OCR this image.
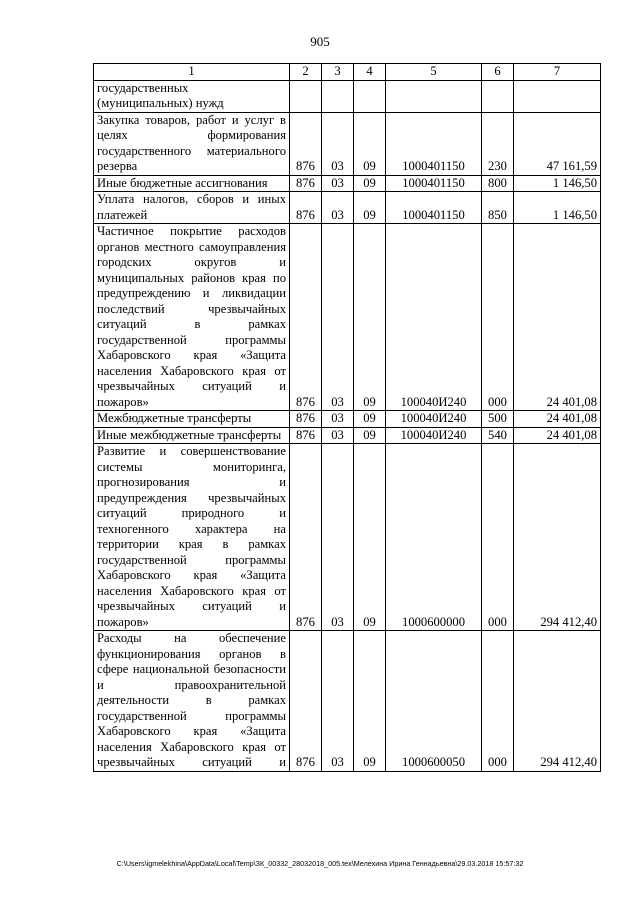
905
1	2	3	4	5	6	7
государственных (муниципальных) нужд						
Закупка товаров, работ и услуг в целях формирования государственного материального резерва	876	03	09	1000401150	230	47 161,59
Иные бюджетные ассигнования	876	03	09	1000401150	800	1 146,50
Уплата налогов, сборов и иных платежей	876	03	09	1000401150	850	1 146,50
Частичное покрытие расходов органов местного самоуправления городских округов и муниципальных районов края по предупреждению и ликвидации последствий чрезвычайных ситуаций в рамках государственной программы Хабаровского края «Защита населения Хабаровского края от чрезвычайных ситуаций и пожаров»	876	03	09	100040И240	000	24 401,08
Межбюджетные трансферты	876	03	09	100040И240	500	24 401,08
Иные межбюджетные трансферты	876	03	09	100040И240	540	24 401,08
Развитие и совершенствование системы мониторинга, прогнозирования и предупреждения чрезвычайных ситуаций природного и техногенного характера на территории края в рамках государственной программы Хабаровского края «Защита населения Хабаровского края от чрезвычайных ситуаций и пожаров»	876	03	09	1000600000	000	294 412,40
Расходы на обеспечение функционирования органов в сфере национальной безопасности и правоохранительной деятельности в рамках государственной программы Хабаровского края «Защита населения Хабаровского края от чрезвычайных ситуаций и	876	03	09	1000600050	000	294 412,40
C:\Users\igmelekhina\AppData\Local\Temp\ЗК_00332_28032018_005.tex\Мелехина Ирина Геннадьевна\29.03.2018 15:57:32
